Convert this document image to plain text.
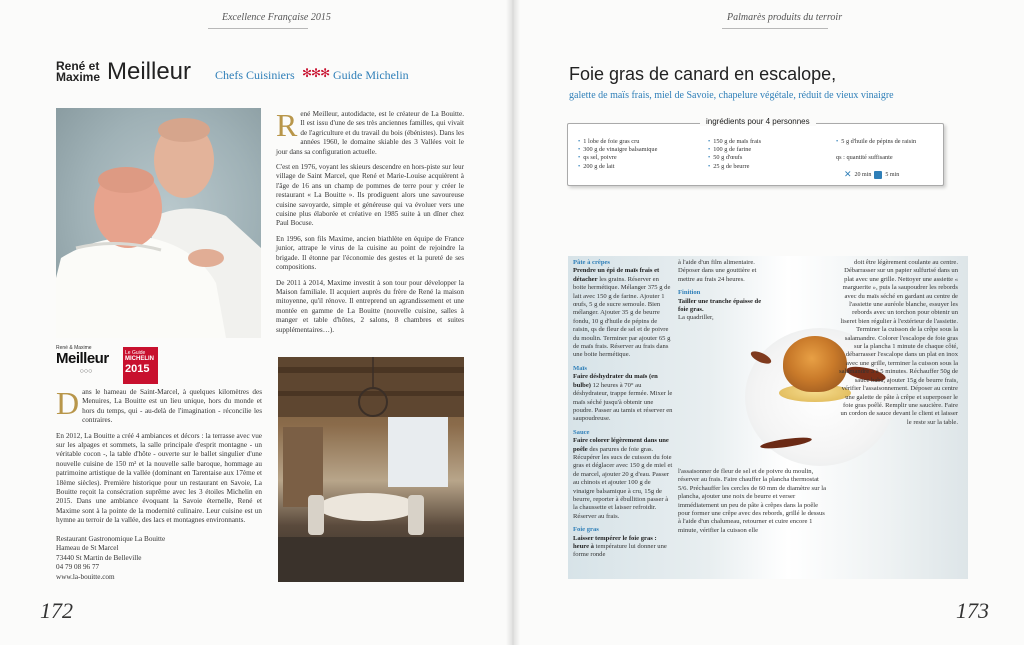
Excellence Française 2015
René et Maxime Meilleur Chefs Cuisiniers ✻✻✻ Guide Michelin
René & Maxime
Meilleur
○○○
Le Guide
MICHELIN
2015

René Meilleur, autodidacte, est le créateur de La Bouitte. Il est issu d'une de ses très anciennes familles, qui vivait de l'agriculture et du travail du bois (ébénistes). Dans les années 1960, le domaine skiable des 3 Vallées voit le jour dans sa configuration actuelle.

C'est en 1976, voyant les skieurs descendre en hors-piste sur leur village de Saint Marcel, que René et Marie-Louise acquièrent à l'âge de 16 ans un champ de pommes de terre pour y créer le restaurant « La Bouitte ». Ils prodiguent alors une savoureuse cuisine savoyarde, simple et généreuse qui va évoluer vers une cuisine plus élaborée et créative en 1985 suite à un dîner chez Paul Bocuse.

En 1996, son fils Maxime, ancien biathlète en équipe de France junior, attrape le virus de la cuisine au point de rejoindre la brigade. Il étonne par l'économie des gestes et la pureté de ses compositions.

De 2011 à 2014, Maxime investit à son tour pour développer la Maison familiale. Il acquiert auprès du frère de René la maison mitoyenne, qu'il rénove. Il entreprend un agrandissement et une montée en gamme de La Bouitte (nouvelle cuisine, salles à manger et table d'hôtes, 2 salons, 8 chambres et suites supplémentaires…).

Dans le hameau de Saint-Marcel, à quelques kilomètres des Menuires, La Bouitte est un lieu unique, hors du monde et hors du temps, qui - au-delà de l'imagination - réconcilie les contraires.

En 2012, La Bouitte a créé 4 ambiances et décors : la terrasse avec vue sur les alpages et sommets, la salle principale d'esprit montagne - un véritable cocon -, la table d'hôte - ouverte sur le ballet singulier d'une nouvelle cuisine de 150 m² et la nouvelle salle baroque, hommage au patrimoine artistique de la vallée (dominant en Tarentaise aux 17ème et 18ème siècles). Première historique pour un restaurant en Savoie, La Bouitte reçoit la consécration suprême avec les 3 étoiles Michelin en 2015. Dans une ambiance évoquant la Savoie éternelle, René et Maxime sont à la pointe de la modernité culinaire. Leur cuisine est un hymne au terroir de la vallée, des lacs et montagnes environnants.

Restaurant Gastronomique La Bouitte
Hameau de St Marcel
73440 St Martin de Belleville
04 79 08 96 77
www.la-bouitte.com
172
Palmarès produits du terroir
Foie gras de canard en escalope,
galette de maïs frais, miel de Savoie, chapelure végétale, réduit de vieux vinaigre
• 1 lobe de foie gras cru
• 300 g de vinaigre balsamique
• qs sel, poivre
• 200 g de lait
• 150 g de maïs frais
• 100 g de farine
• 50 g d'œufs
• 25 g de beurre
• 5 g d'huile de pépins de raisin
qs : quantité suffisante
✕ 20 min 5 min
ingrédients pour 4 personnes

Pâte à crêpes
Prendre un épi de maïs frais et détacher les grains. Réserver en boite hermétique. Mélanger 375 g de lait avec 150 g de farine. Ajouter 1 œufs, 5 g de sucre semoule. Bien mélanger. Ajouter 35 g de beurre fondu, 10 g d'huile de pépins de raisin, qs de fleur de sel et de poivre du moulin. Terminer par ajouter 65 g de maïs frais. Réserver au frais dans une boite hermétique.

Maïs
Faire déshydrater du maïs (en bulbe) 12 heures à 70° au déshydrateur, trappe fermée. Mixer le maïs séché jusqu'à obtenir une poudre. Passer au tamis et réserver en saupoudreuse.

Sauce
Faire colorer légèrement dans une poêle des parures de foie gras. Récupérer les sucs de cuisson du foie gras et déglacer avec 150 g de miel et de marcel, ajouter 20 g d'eau. Passer au chinois et ajouter 100 g de vinaigre balsamique à cru, 15g de beurre, reporter à ébullition passer à la chaussette et laisser refroidir. Réserver au frais.

Foie gras
Laisser tempérer le foie gras : heure à température lui donner une forme ronde

à l'aide d'un film alimentaire. Déposer dans une gouttière et mettre au frais 24 heures.

Finition
Tailler une tranche épaisse de foie gras.
La quadriller,

l'assaisonner de fleur de sel et de poivre du moulin, réserver au frais. Faire chauffer la plancha thermostat 5/6. Préchauffer les cercles de 60 mm de diamètre sur la plancha, ajouter une noix de beurre et verser immédiatement un peu de pâte à crêpes dans la poêle pour former une crêpe avec des rebords, grillé le dessus à l'aide d'un chalumeau, retourner et cuire encore 1 minute, vérifier la cuisson elle

doit être légèrement coulante au centre. Débarrasser sur un papier sulfurisé dans un plat avec une grille. Nettoyer une assiette « marguerite », puis la saupoudrer les rebords avec du maïs séché en gardant au centre de l'assiette une auréole blanche, essuyer les rebords avec un torchon pour obtenir un liseret bien régulier à l'extérieur de l'assiette. Terminer la cuisson de la crêpe sous la salamandre. Colorer l'escalope de foie gras sur la plancha 1 minute de chaque côté, débarrasser l'escalope dans un plat en inox avec une grille, terminer la cuisson sous la salamandre 3 à 5 minutes. Réchauffer 50g de sauce baba, ajouter 15g de beurre frais, vérifier l'assaisonnement. Déposer au centre une galette de pâte à crêpe et superposer le foie gras poêlé. Remplir une saucière. Faire un cordon de sauce devant le client et laisser le reste sur la table.

173
